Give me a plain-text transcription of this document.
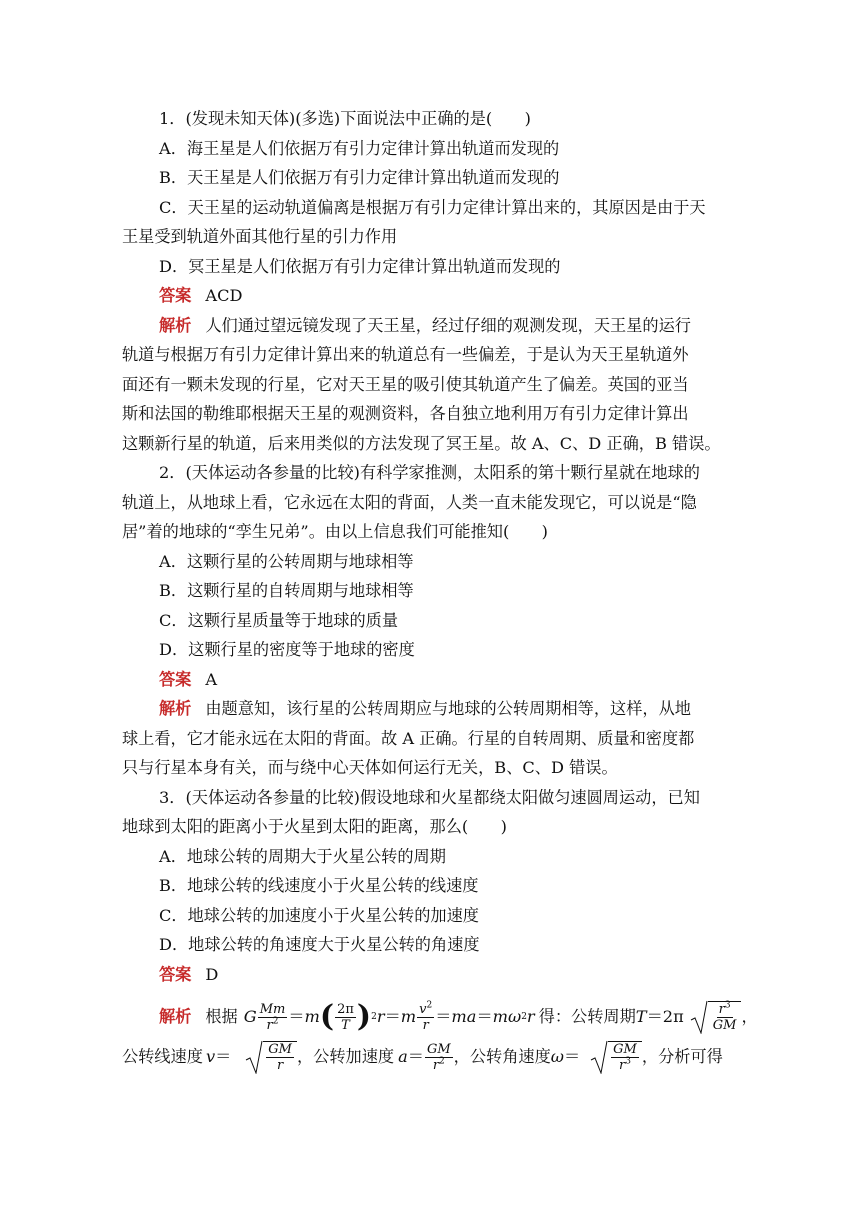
1．(发现未知天体)(多选)下面说法中正确的是(　　)
A．海王星是人们依据万有引力定律计算出轨道而发现的
B．天王星是人们依据万有引力定律计算出轨道而发现的
C．天王星的运动轨道偏离是根据万有引力定律计算出来的，其原因是由于天
王星受到轨道外面其他行星的引力作用
D．冥王星是人们依据万有引力定律计算出轨道而发现的
答案 ACD
解析 人们通过望远镜发现了天王星，经过仔细的观测发现，天王星的运行
轨道与根据万有引力定律计算出来的轨道总有一些偏差，于是认为天王星轨道外
面还有一颗未发现的行星，它对天王星的吸引使其轨道产生了偏差。英国的亚当
斯和法国的勒维耶根据天王星的观测资料，各自独立地利用万有引力定律计算出
这颗新行星的轨道，后来用类似的方法发现了冥王星。故 A、C、D 正确，B 错误。
2．(天体运动各参量的比较)有科学家推测，太阳系的第十颗行星就在地球的
轨道上，从地球上看，它永远在太阳的背面，人类一直未能发现它，可以说是“隐
居”着的地球的“孪生兄弟”。由以上信息我们可能推知(　　)
A．这颗行星的公转周期与地球相等
B．这颗行星的自转周期与地球相等
C．这颗行星质量等于地球的质量
D．这颗行星的密度等于地球的密度
答案 A
解析 由题意知，该行星的公转周期应与地球的公转周期相等，这样，从地
球上看，它才能永远在太阳的背面。故 A 正确。行星的自转周期、质量和密度都
只与行星本身有关，而与绕中心天体如何运行无关，B、C、D 错误。
3．(天体运动各参量的比较)假设地球和火星都绕太阳做匀速圆周运动，已知
地球到太阳的距离小于火星到太阳的距离，那么(　　)
A．地球公转的周期大于火星公转的周期
B．地球公转的线速度小于火星公转的线速度
C．地球公转的加速度小于火星公转的加速度
D．地球公转的角速度大于火星公转的角速度
答案 D
解析 根据 G $\frac{Mm}{r^2} = m$ ( $\frac{2\pi}{T}$ ) 2 r ＝ m $\frac{v^2}{r}$ ＝ ma ＝ mω 2 r 得：公转周期 $T =2\pi \frac{r^3}{GM}$ ，
公转线速度 v ＝	$\frac{GM}{r}$ ， 公转加速度 $a = \frac{GM}{r^2}$ ， 公转角速度 $\omega = \frac{GM}{r^3}$ ， 分析可得
